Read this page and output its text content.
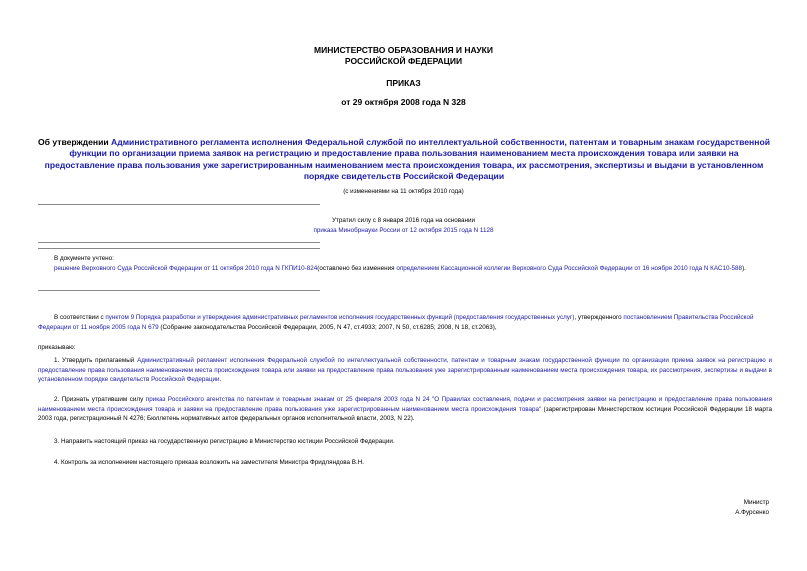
МИНИСТЕРСТВО ОБРАЗОВАНИЯ И НАУКИ
РОССИЙСКОЙ ФЕДЕРАЦИИ
ПРИКАЗ
от 29 октября 2008 года N 328
Об утверждении Административного регламента исполнения Федеральной службой по интеллектуальной собственности, патентам и товарным знакам государственной функции по организации приема заявок на регистрацию и предоставление права пользования наименованием места происхождения товара или заявки на предоставление права пользования уже зарегистрированным наименованием места происхождения товара, их рассмотрения, экспертизы и выдачи в установленном порядке свидетельств Российской Федерации
(с изменениями на 11 октября 2010 года)
Утратил силу с 8 января 2016 года на основании
приказа Минобрнауки России от 12 октября 2015 года N 1128
В документе учтено:
решение Верховного Суда Российской Федерации от 11 октября 2010 года N ГКПИ10-824(оставлено без изменения определением Кассационной коллегии Верховного Суда Российской Федерации от 16 ноября 2010 года N КАС10-588).
В соответствии с пунктом 9 Порядка разработки и утверждения административных регламентов исполнения государственных функций (предоставления государственных услуг), утвержденного постановлением Правительства Российской Федерации от 11 ноября 2005 года N 679 (Собрание законодательства Российской Федерации, 2005, N 47, ст.4933; 2007, N 50, ст.6285; 2008, N 18, ст.2063),
приказываю:
1. Утвердить прилагаемый Административный регламент исполнения Федеральной службой по интеллектуальной собственности, патентам и товарным знакам государственной функции по организации приема заявок на регистрацию и предоставление права пользования наименованием места происхождения товара или заявки на предоставление права пользования уже зарегистрированным наименованием места происхождения товара, их рассмотрения, экспертизы и выдачи в установленном порядке свидетельств Российской Федерации.
2. Признать утратившим силу приказ Российского агентства по патентам и товарным знакам от 25 февраля 2003 года N 24 "О Правилах составления, подачи и рассмотрения заявки на регистрацию и предоставление права пользования наименованием места происхождения товара и заявки на предоставление права пользования уже зарегистрированным наименованием места происхождения товара" (зарегистрирован Министерством юстиции Российской Федерации 18 марта 2003 года, регистрационный N 4276; Бюллетень нормативных актов федеральных органов исполнительной власти, 2003, N 22).
3. Направить настоящий приказ на государственную регистрацию в Министерство юстиции Российской Федерации.
4. Контроль за исполнением настоящего приказа возложить на заместителя Министра Фридляндова В.Н.
Министр
А.Фурсенко
